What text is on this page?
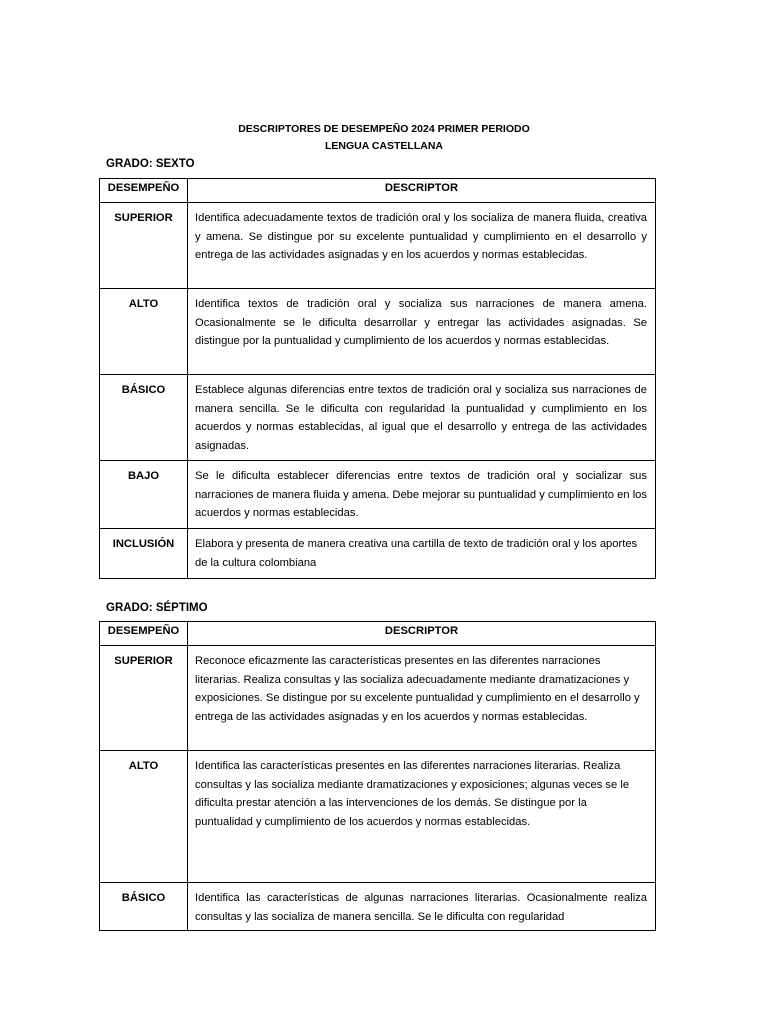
DESCRIPTORES DE DESEMPEÑO 2024 PRIMER PERIODO
LENGUA CASTELLANA
GRADO: SEXTO
DESEMPEÑO	DESCRIPTOR
SUPERIOR	Identifica adecuadamente textos de tradición oral y los socializa de manera fluida, creativa y amena. Se distingue por su excelente puntualidad y cumplimiento en el desarrollo y entrega de las actividades asignadas y en los acuerdos y normas establecidas.
ALTO	Identifica textos de tradición oral y socializa sus narraciones de manera amena. Ocasionalmente se le dificulta desarrollar y entregar las actividades asignadas. Se distingue por la puntualidad y cumplimiento de los acuerdos y normas establecidas.
BÁSICO	Establece algunas diferencias entre textos de tradición oral y socializa sus narraciones de manera sencilla. Se le dificulta con regularidad la puntualidad y cumplimiento en los acuerdos y normas establecidas, al igual que el desarrollo y entrega de las actividades asignadas.
BAJO	Se le dificulta establecer diferencias entre textos de tradición oral y socializar sus narraciones de manera fluida y amena. Debe mejorar su puntualidad y cumplimiento en los acuerdos y normas establecidas.
INCLUSIÓN	Elabora y presenta de manera creativa una cartilla de texto de tradición oral y los aportes de la cultura colombiana
GRADO: SÉPTIMO
DESEMPEÑO	DESCRIPTOR
SUPERIOR	Reconoce eficazmente las características presentes en las diferentes narraciones literarias. Realiza consultas y las socializa adecuadamente mediante dramatizaciones y exposiciones. Se distingue por su excelente puntualidad y cumplimiento en el desarrollo y entrega de las actividades asignadas y en los acuerdos y normas establecidas.
ALTO	Identifica las características presentes en las diferentes narraciones literarias. Realiza consultas y las socializa mediante dramatizaciones y exposiciones; algunas veces se le dificulta prestar atención a las intervenciones de los demás. Se distingue por la puntualidad y cumplimiento de los acuerdos y normas establecidas.
BÁSICO	Identifica las características de algunas narraciones literarias. Ocasionalmente realiza consultas y las socializa de manera sencilla. Se le dificulta con regularidad
